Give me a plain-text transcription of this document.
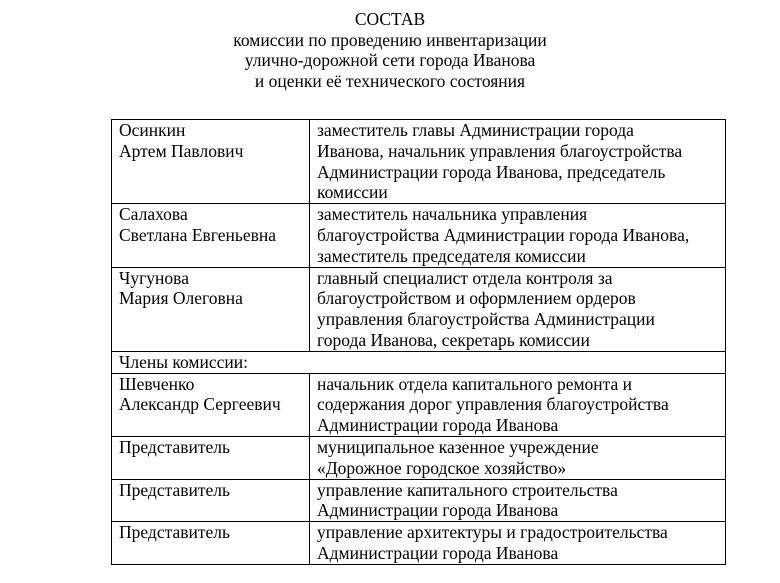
СОСТАВ
комиссии по проведению инвентаризации
улично-дорожной сети города Иванова
и оценки её технического состояния
Осинкин
Артем Павлович	заместитель главы Администрации города
Иванова, начальник управления благоустройства
Администрации города Иванова, председатель
комиссии

Салахова
Светлана Евгеньевна	заместитель начальника управления
благоустройства Администрации города Иванова,
заместитель председателя комиссии

Чугунова
Мария Олеговна	главный специалист отдела контроля за
благоустройством и оформлением ордеров
управления благоустройства Администрации
города Иванова, секретарь комиссии

Члены комиссии:	

Шевченко
Александр Сергеевич	начальник отдела капитального ремонта и
содержания дорог управления благоустройства
Администрации города Иванова

Представитель	муниципальное казенное учреждение
«Дорожное городское хозяйство»

Представитель	управление капитального строительства
Администрации города Иванова

Представитель	управление архитектуры и градостроительства
Администрации города Иванова
